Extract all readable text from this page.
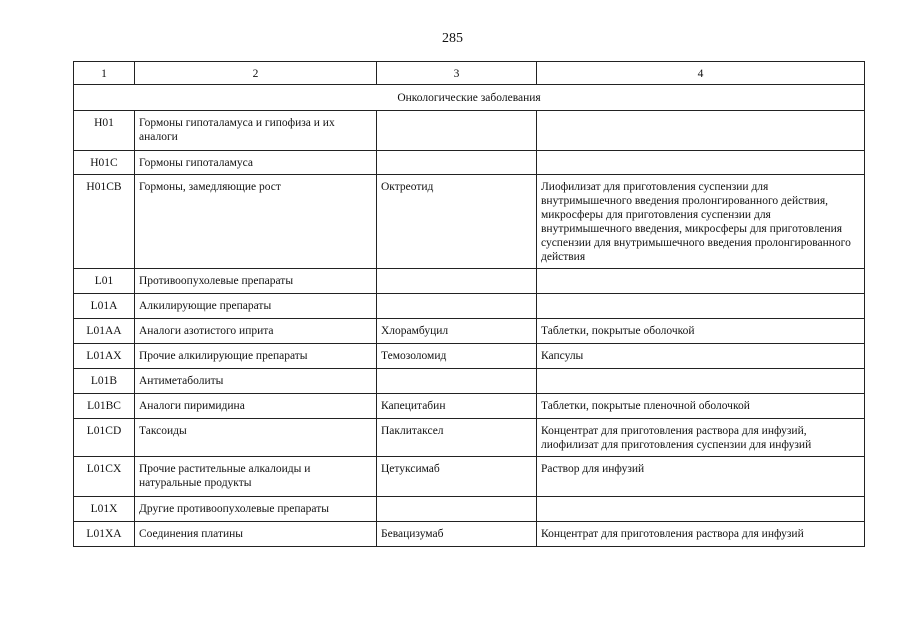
285
1	2	3	4
Онкологические заболевания			
H01	Гормоны гипоталамуса и гипофиза и их аналоги		
H01C	Гормоны гипоталамуса		
H01CB	Гормоны, замедляющие рост	Октреотид	Лиофилизат для приготовления суспензии для внутримышечного введения пролонгированного действия, микросферы для приготовления суспензии для внутримышечного введения, микросферы для приготовления суспензии для внутримышечного введения пролонгированного действия
L01	Противоопухолевые препараты		
L01A	Алкилирующие препараты		
L01AA	Аналоги азотистого иприта	Хлорамбуцил	Таблетки, покрытые оболочкой
L01AX	Прочие алкилирующие препараты	Темозоломид	Капсулы
L01B	Антиметаболиты		
L01BC	Аналоги пиримидина	Капецитабин	Таблетки, покрытые пленочной оболочкой
L01CD	Таксоиды	Паклитаксел	Концентрат для приготовления раствора для инфузий, лиофилизат для приготовления суспензии для инфузий
L01CX	Прочие растительные алкалоиды и натуральные продукты	Цетуксимаб	Раствор для инфузий
L01X	Другие противоопухолевые препараты		
L01XA	Соединения платины	Бевацизумаб	Концентрат для приготовления раствора для инфузий
